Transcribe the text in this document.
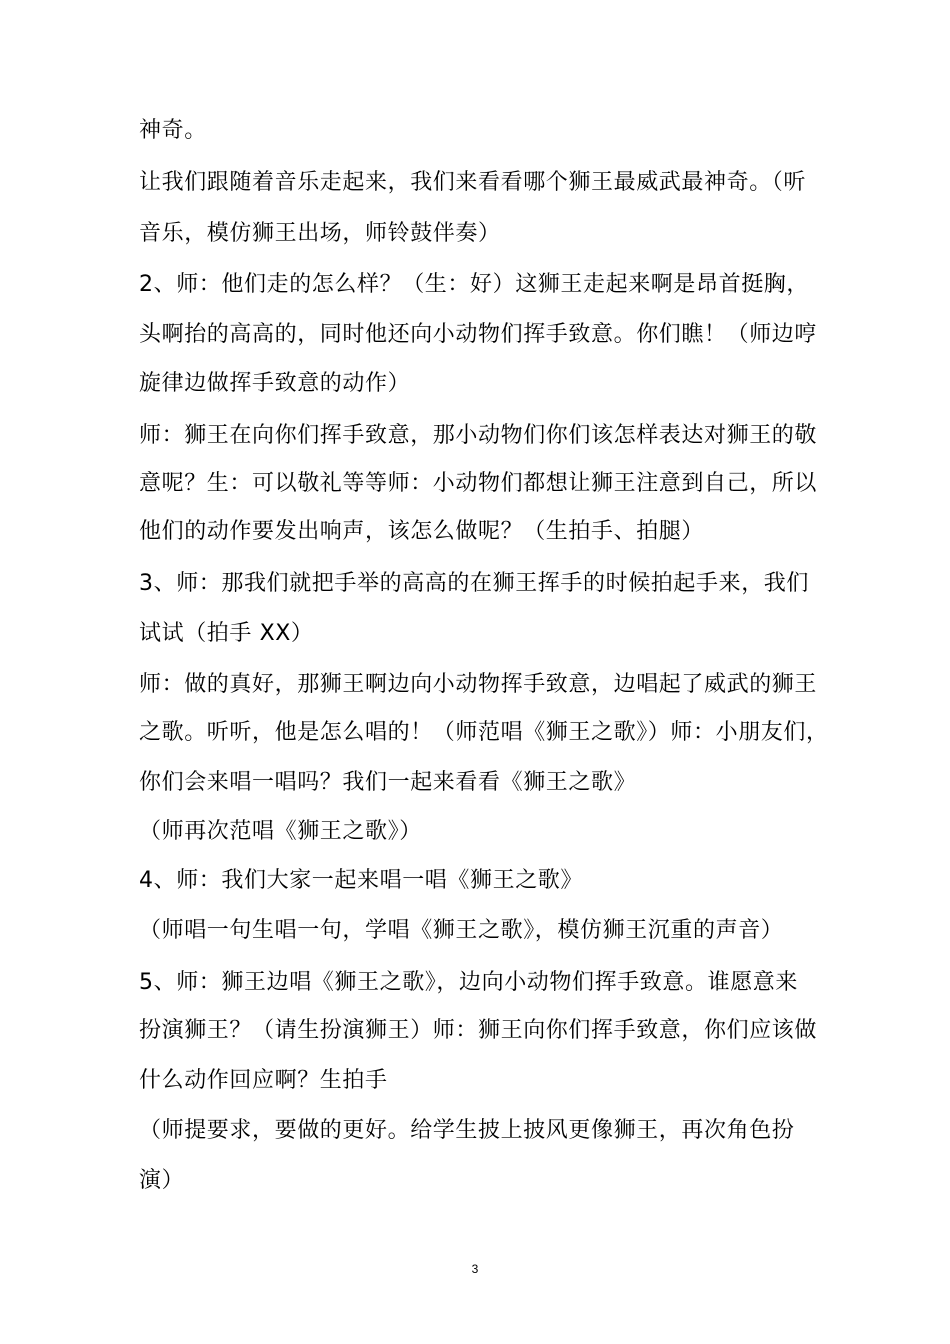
神奇。
让我们跟随着音乐走起来，我们来看看哪个狮王最威武最神奇。（听
音乐，模仿狮王出场，师铃鼓伴奏）
2、师：他们走的怎么样？（生：好）这狮王走起来啊是昂首挺胸，
头啊抬的高高的，同时他还向小动物们挥手致意。你们瞧！（师边哼
旋律边做挥手致意的动作）
师：狮王在向你们挥手致意，那小动物们你们该怎样表达对狮王的敬
意呢？生：可以敬礼等等师：小动物们都想让狮王注意到自己，所以
他们的动作要发出响声，该怎么做呢？（生拍手、拍腿）
3、师：那我们就把手举的高高的在狮王挥手的时候拍起手来，我们
试试（拍手 XX）
师：做的真好，那狮王啊边向小动物挥手致意，边唱起了威武的狮王
之歌。听听，他是怎么唱的！（师范唱《狮王之歌》）师：小朋友们，
你们会来唱一唱吗？我们一起来看看《狮王之歌》
（师再次范唱《狮王之歌》）
4、师：我们大家一起来唱一唱《狮王之歌》
（师唱一句生唱一句，学唱《狮王之歌》，模仿狮王沉重的声音）
5、师：狮王边唱《狮王之歌》，边向小动物们挥手致意。谁愿意来
扮演狮王？（请生扮演狮王）师：狮王向你们挥手致意，你们应该做
什么动作回应啊？生拍手
（师提要求，要做的更好。给学生披上披风更像狮王，再次角色扮
演）
3
